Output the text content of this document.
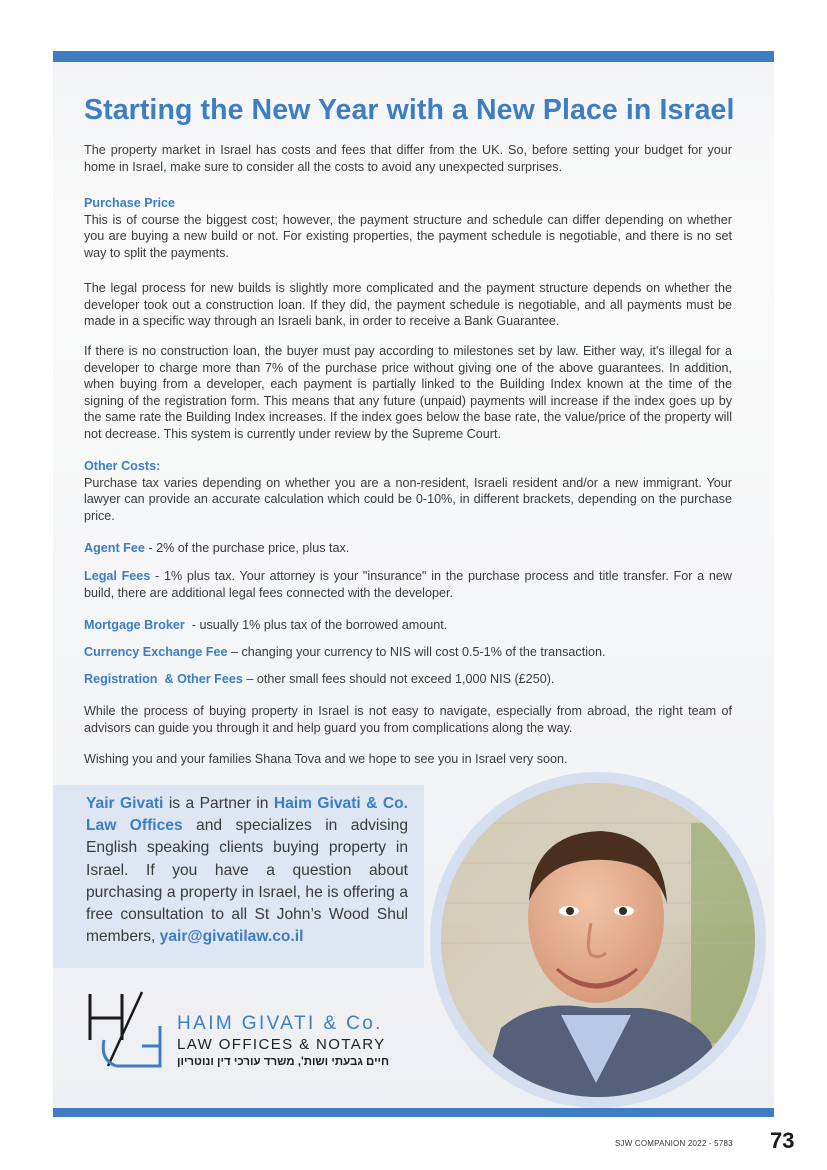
Starting the New Year with a New Place in Israel

The property market in Israel has costs and fees that differ from the UK. So, before setting your budget for your home in Israel, make sure to consider all the costs to avoid any unexpected surprises.

Purchase Price

This is of course the biggest cost; however, the payment structure and schedule can differ depending on whether you are buying a new build or not. For existing properties, the payment schedule is negotiable, and there is no set way to split the payments.

The legal process for new builds is slightly more complicated and the payment structure depends on whether the developer took out a construction loan. If they did, the payment schedule is negotiable, and all payments must be made in a specific way through an Israeli bank, in order to receive a Bank Guarantee.

If there is no construction loan, the buyer must pay according to milestones set by law. Either way, it's illegal for a developer to charge more than 7% of the purchase price without giving one of the above guarantees. In addition, when buying from a developer, each payment is partially linked to the Building Index known at the time of the signing of the registration form. This means that any future (unpaid) payments will increase if the index goes up by the same rate the Building Index increases. If the index goes below the base rate, the value/price of the property will not decrease. This system is currently under review by the Supreme Court.

Other Costs:

Purchase tax varies depending on whether you are a non-resident, Israeli resident and/or a new immigrant. Your lawyer can provide an accurate calculation which could be 0-10%, in different brackets, depending on the purchase price.

Agent Fee - 2% of the purchase price, plus tax.
Legal Fees - 1% plus tax. Your attorney is your "insurance" in the purchase process and title transfer. For a new build, there are additional legal fees connected with the developer.
Mortgage Broker  - usually 1% plus tax of the borrowed amount.
Currency Exchange Fee – changing your currency to NIS will cost 0.5-1% of the transaction.
Registration  & Other Fees – other small fees should not exceed 1,000 NIS (£250).

While the process of buying property in Israel is not easy to navigate, especially from abroad, the right team of advisors can guide you through it and help guard you from complications along the way.

Wishing you and your families Shana Tova and we hope to see you in Israel very soon.

Yair Givati is a Partner in Haim Givati & Co. Law Offices and specializes in advising English speaking clients buying property in Israel. If you have a question about purchasing a property in Israel, he is offering a free consultation to all St John’s Wood Shul members, yair@givatilaw.co.il
HAIM GIVATI & Co.
LAW OFFICES & NOTARY
חיים גבעתי ושות', משרד עורכי דין ונוטריון
SJW COMPANION 2022 - 5783 73
